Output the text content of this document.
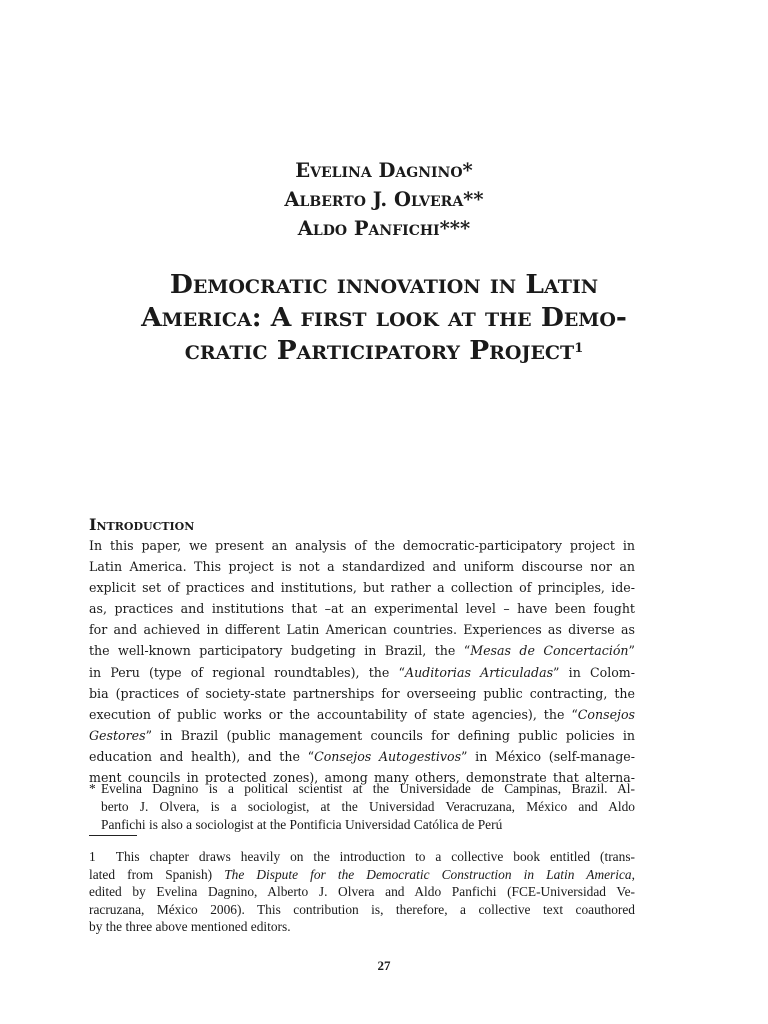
Evelina Dagnino*
Alberto J. Olvera**
Aldo Panfichi***
Democratic innovation in Latin
America: A first look at the Demo-
cratic Participatory Project$^1$
Introduction
In this paper, we present an analysis of the democratic-participatory project in
Latin America. This project is not a standardized and uniform discourse nor an
explicit set of practices and institutions, but rather a collection of principles, ide-
as, practices and institutions that –at an experimental level – have been fought
for and achieved in different Latin American countries. Experiences as diverse as
the well-known participatory budgeting in Brazil, the “Mesas de Concertación”
in Peru (type of regional roundtables), the “Auditorias Articuladas” in Colom-
bia (practices of society-state partnerships for overseeing public contracting, the
execution of public works or the accountability of state agencies), the “Consejos
Gestores” in Brazil (public management councils for defining public policies in
education and health), and the “Consejos Autogestivos” in México (self-manage-
ment councils in protected zones), among many others, demonstrate that alterna-
* Evelina Dagnino is a political scientist at the Universidade de Campinas, Brazil. Al-
berto J. Olvera, is a sociologist, at the Universidad Veracruzana, México and Aldo
Panfichi is also a sociologist at the Pontificia Universidad Católica de Perú
1  This chapter draws heavily on the introduction to a collective book entitled (trans-
lated from Spanish) The Dispute for the Democratic Construction in Latin America,
edited by Evelina Dagnino, Alberto J. Olvera and Aldo Panfichi (FCE-Universidad Ve-
racruzana, México 2006). This contribution is, therefore, a collective text coauthored
by the three above mentioned editors.
27
